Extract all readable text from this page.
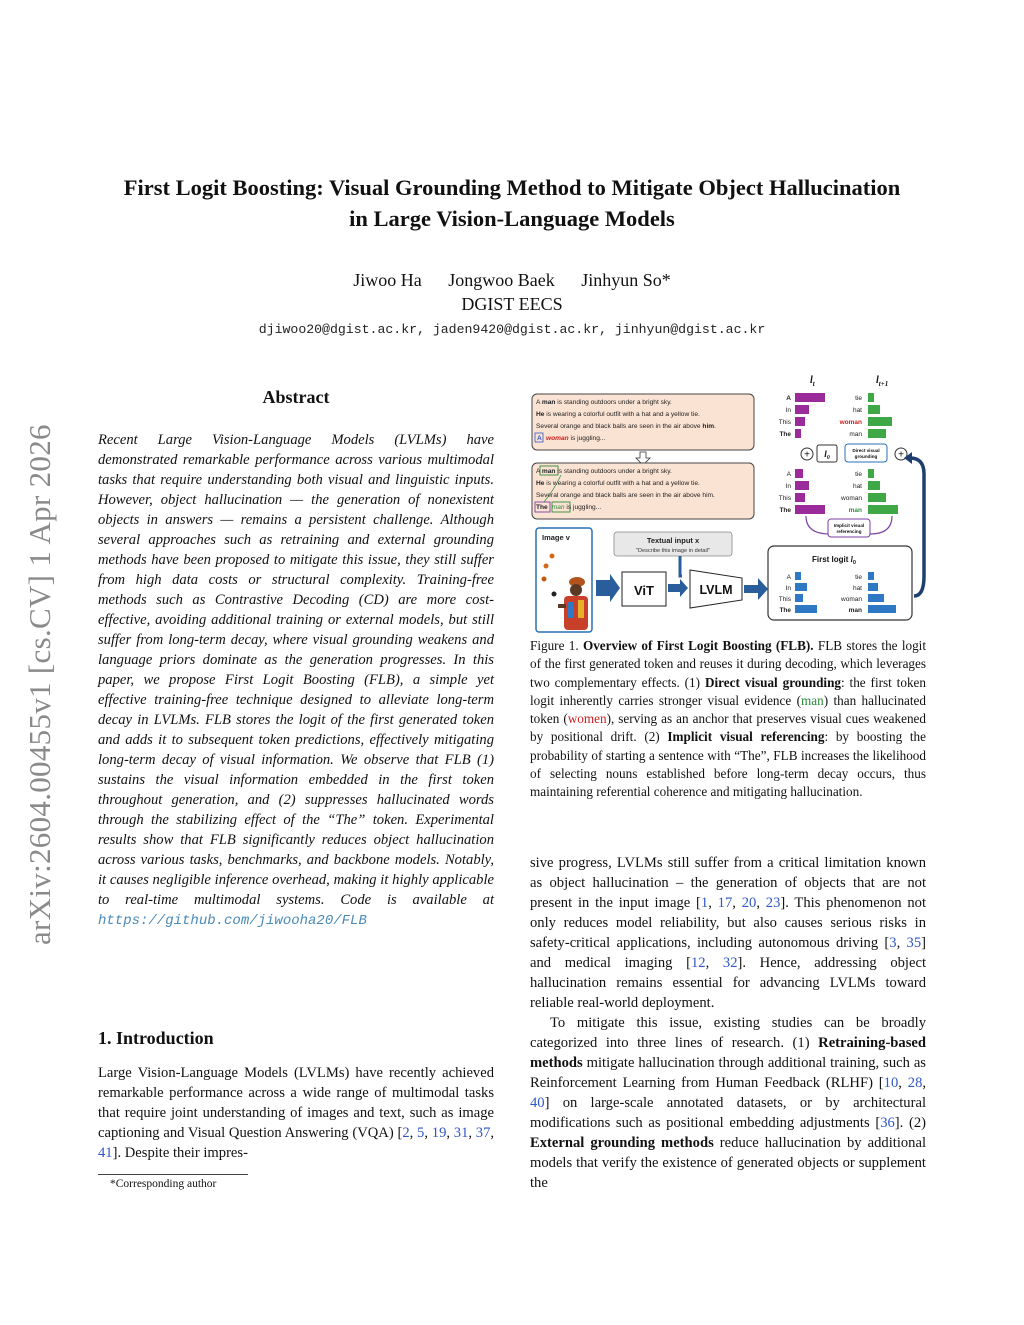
arXiv:2604.00455v1 [cs.CV] 1 Apr 2026
First Logit Boosting: Visual Grounding Method to Mitigate Object Hallucination
in Large Vision-Language Models
Jiwoo Ha Jongwoo Baek Jinhyun So*
DGIST EECS
djiwoo20@dgist.ac.kr, jaden9420@dgist.ac.kr, jinhyun@dgist.ac.kr
Abstract
Recent Large Vision-Language Models (LVLMs) have demonstrated remarkable performance across various multimodal tasks that require understanding both visual and linguistic inputs. However, object hallucination — the generation of nonexistent objects in answers — remains a persistent challenge. Although several approaches such as retraining and external grounding methods have been proposed to mitigate this issue, they still suffer from high data costs or structural complexity. Training-free methods such as Contrastive Decoding (CD) are more cost-effective, avoiding additional training or external models, but still suffer from long-term decay, where visual grounding weakens and language priors dominate as the generation progresses. In this paper, we propose First Logit Boosting (FLB), a simple yet effective training-free technique designed to alleviate long-term decay in LVLMs. FLB stores the logit of the first generated token and adds it to subsequent token predictions, effectively mitigating long-term decay of visual information. We observe that FLB (1) sustains the visual information embedded in the first token throughout generation, and (2) suppresses hallucinated words through the stabilizing effect of the “The” token. Experimental results show that FLB significantly reduces object hallucination across various tasks, benchmarks, and backbone models. Notably, it causes negligible inference overhead, making it highly applicable to real-time multimodal systems. Code is available at https://github.com/jiwooha20/FLB
1. Introduction
Large Vision-Language Models (LVLMs) have recently achieved remarkable performance across a wide range of multimodal tasks that require joint understanding of images and text, such as image captioning and Visual Question Answering (VQA) [2, 5, 19, 31, 37, 41]. Despite their impres-
*Corresponding author
A man is standing outdoors under a bright sky.
He is wearing a colorful outfit with a hat and a yellow tie.
Several orange and black balls are seen in the air above him.
A woman is juggling...
A man is standing outdoors under a bright sky.
He is wearing a colorful outfit with a hat and a yellow tie.
Several orange and black balls are seen in the air above him.
The man is juggling...
Image v	Textual input x
"Describe this image in detail"
ViT	LVLM
$l_t$	$l_{t+1}$
A
In
This
The
tie
hat
woman
man
+	+
$l_0$
Direct visual
grounding
A
In
This
The
tie
hat
woman
man
Implicit visual
referencing
First logit $l_0$
A
In
This
The
tie
hat
woman
man
Figure 1. Overview of First Logit Boosting (FLB). FLB stores the logit of the first generated token and reuses it during decoding, which leverages two complementary effects. (1) Direct visual grounding: the first token logit inherently carries stronger visual evidence (man) than hallucinated token (women), serving as an anchor that preserves visual cues weakened by positional drift. (2) Implicit visual referencing: by boosting the probability of starting a sentence with “The”, FLB increases the likelihood of selecting nouns established before long-term decay occurs, thus maintaining referential coherence and mitigating hallucination.

sive progress, LVLMs still suffer from a critical limitation known as object hallucination – the generation of objects that are not present in the input image [1, 17, 20, 23]. This phenomenon not only reduces model reliability, but also causes serious risks in safety-critical applications, including autonomous driving [3, 35] and medical imaging [12, 32]. Hence, addressing object hallucination remains essential for advancing LVLMs toward reliable real-world deployment.

To mitigate this issue, existing studies can be broadly categorized into three lines of research. (1) Retraining-based methods mitigate hallucination through additional training, such as Reinforcement Learning from Human Feedback (RLHF) [10, 28, 40] on large-scale annotated datasets, or by architectural modifications such as positional embedding adjustments [36]. (2) External grounding methods reduce hallucination by additional models that verify the existence of generated objects or supplement the
